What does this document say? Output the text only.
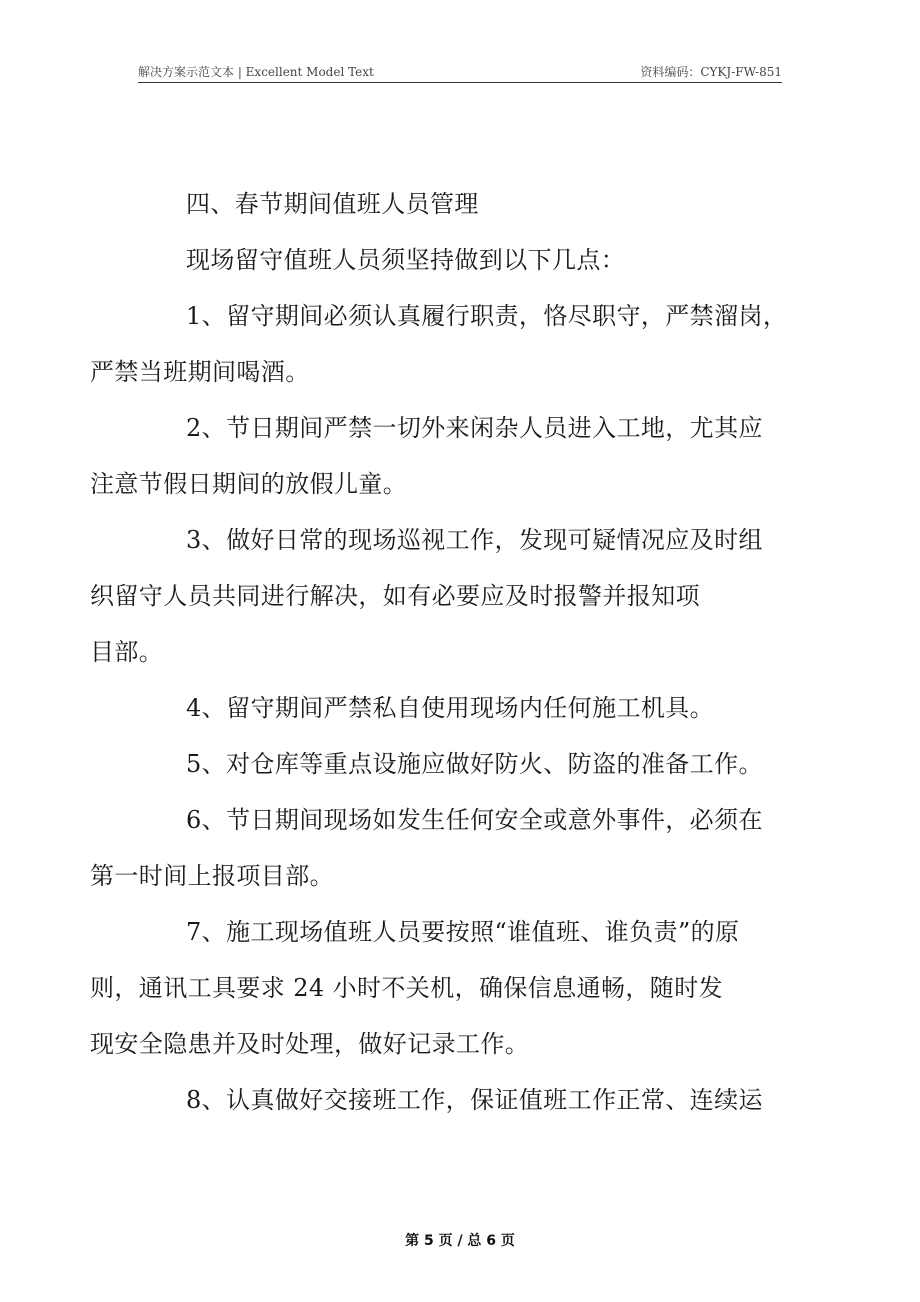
解决方案示范文本 | Excellent Model Text	资料编码：CYKJ-FW-851

四、春节期间值班人员管理

现场留守值班人员须坚持做到以下几点：

1、留守期间必须认真履行职责，恪尽职守，严禁溜岗，
严禁当班期间喝酒。

2、节日期间严禁一切外来闲杂人员进入工地，尤其应
注意节假日期间的放假儿童。

3、做好日常的现场巡视工作，发现可疑情况应及时组
织留守人员共同进行解决，如有必要应及时报警并报知项
目部。

4、留守期间严禁私自使用现场内任何施工机具。

5、对仓库等重点设施应做好防火、防盗的准备工作。

6、节日期间现场如发生任何安全或意外事件，必须在
第一时间上报项目部。

7、施工现场值班人员要按照“谁值班、谁负责”的原
则，通讯工具要求 24 小时不关机，确保信息通畅，随时发
现安全隐患并及时处理，做好记录工作。

8、认真做好交接班工作，保证值班工作正常、连续运

第 5 页 / 总 6 页
